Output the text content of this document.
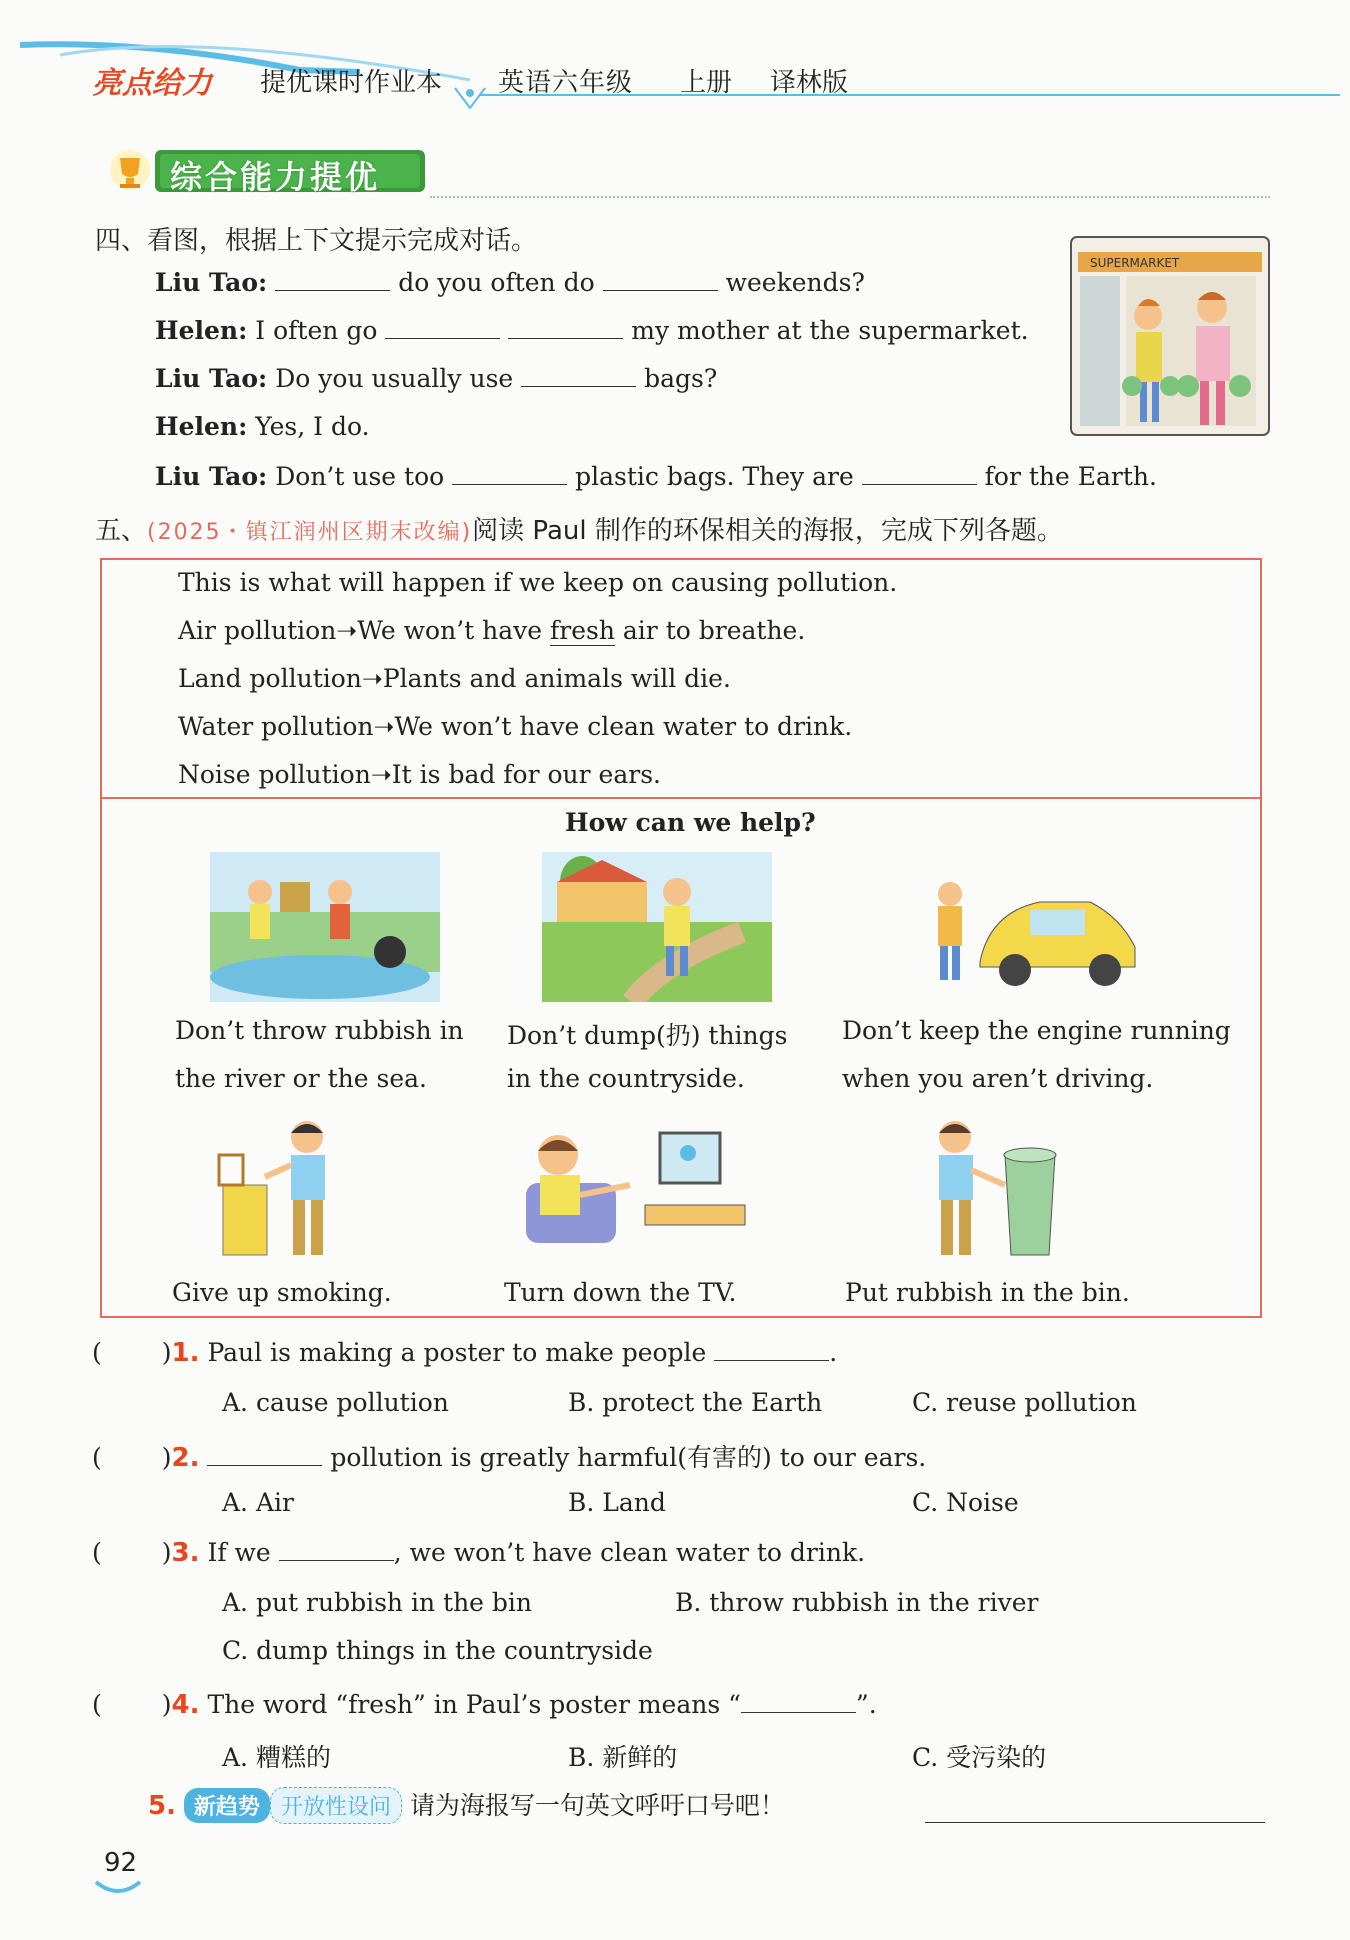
亮点给力 提优课时作业本 英语六年级 上册 译林版
综合能力提优
四、看图，根据上下文提示完成对话。
Liu Tao:	do you often do	weekends?
Helen: I often go	my mother at the supermarket.
Liu Tao: Do you usually use	bags?
Helen: Yes, I do.
Liu Tao: Don’t use too	plastic bags. They are	for the Earth.
SUPERMARKET
五、(2025・镇江润州区期末改编)阅读 Paul 制作的环保相关的海报，完成下列各题。
This is what will happen if we keep on causing pollution.
Air pollution➝We won’t have fresh air to breathe.
Land pollution➝Plants and animals will die.
Water pollution➝We won’t have clean water to drink.
Noise pollution➝It is bad for our ears.
How can we help?
Don’t throw rubbish in
the river or the sea.
Don’t dump(扔) things
in the countryside.
Don’t keep the engine running
when you aren’t driving.
Give up smoking.	Turn down the TV.	Put rubbish in the bin.
( )1. Paul is making a poster to make people	.
A. cause pollution	B. protect the Earth	C. reuse pollution
( )2.	pollution is greatly harmful(有害的) to our ears.
A. Air	B. Land	C. Noise
( )3. If we	, we won’t have clean water to drink.
A. put rubbish in the bin	B. throw rubbish in the river
C. dump things in the countryside
( )4. The word “fresh” in Paul’s poster means “	”.
A. 糟糕的	B. 新鲜的	C. 受污染的
5. 新趋势 开放性设问 请为海报写一句英文呼吁口号吧！
92
